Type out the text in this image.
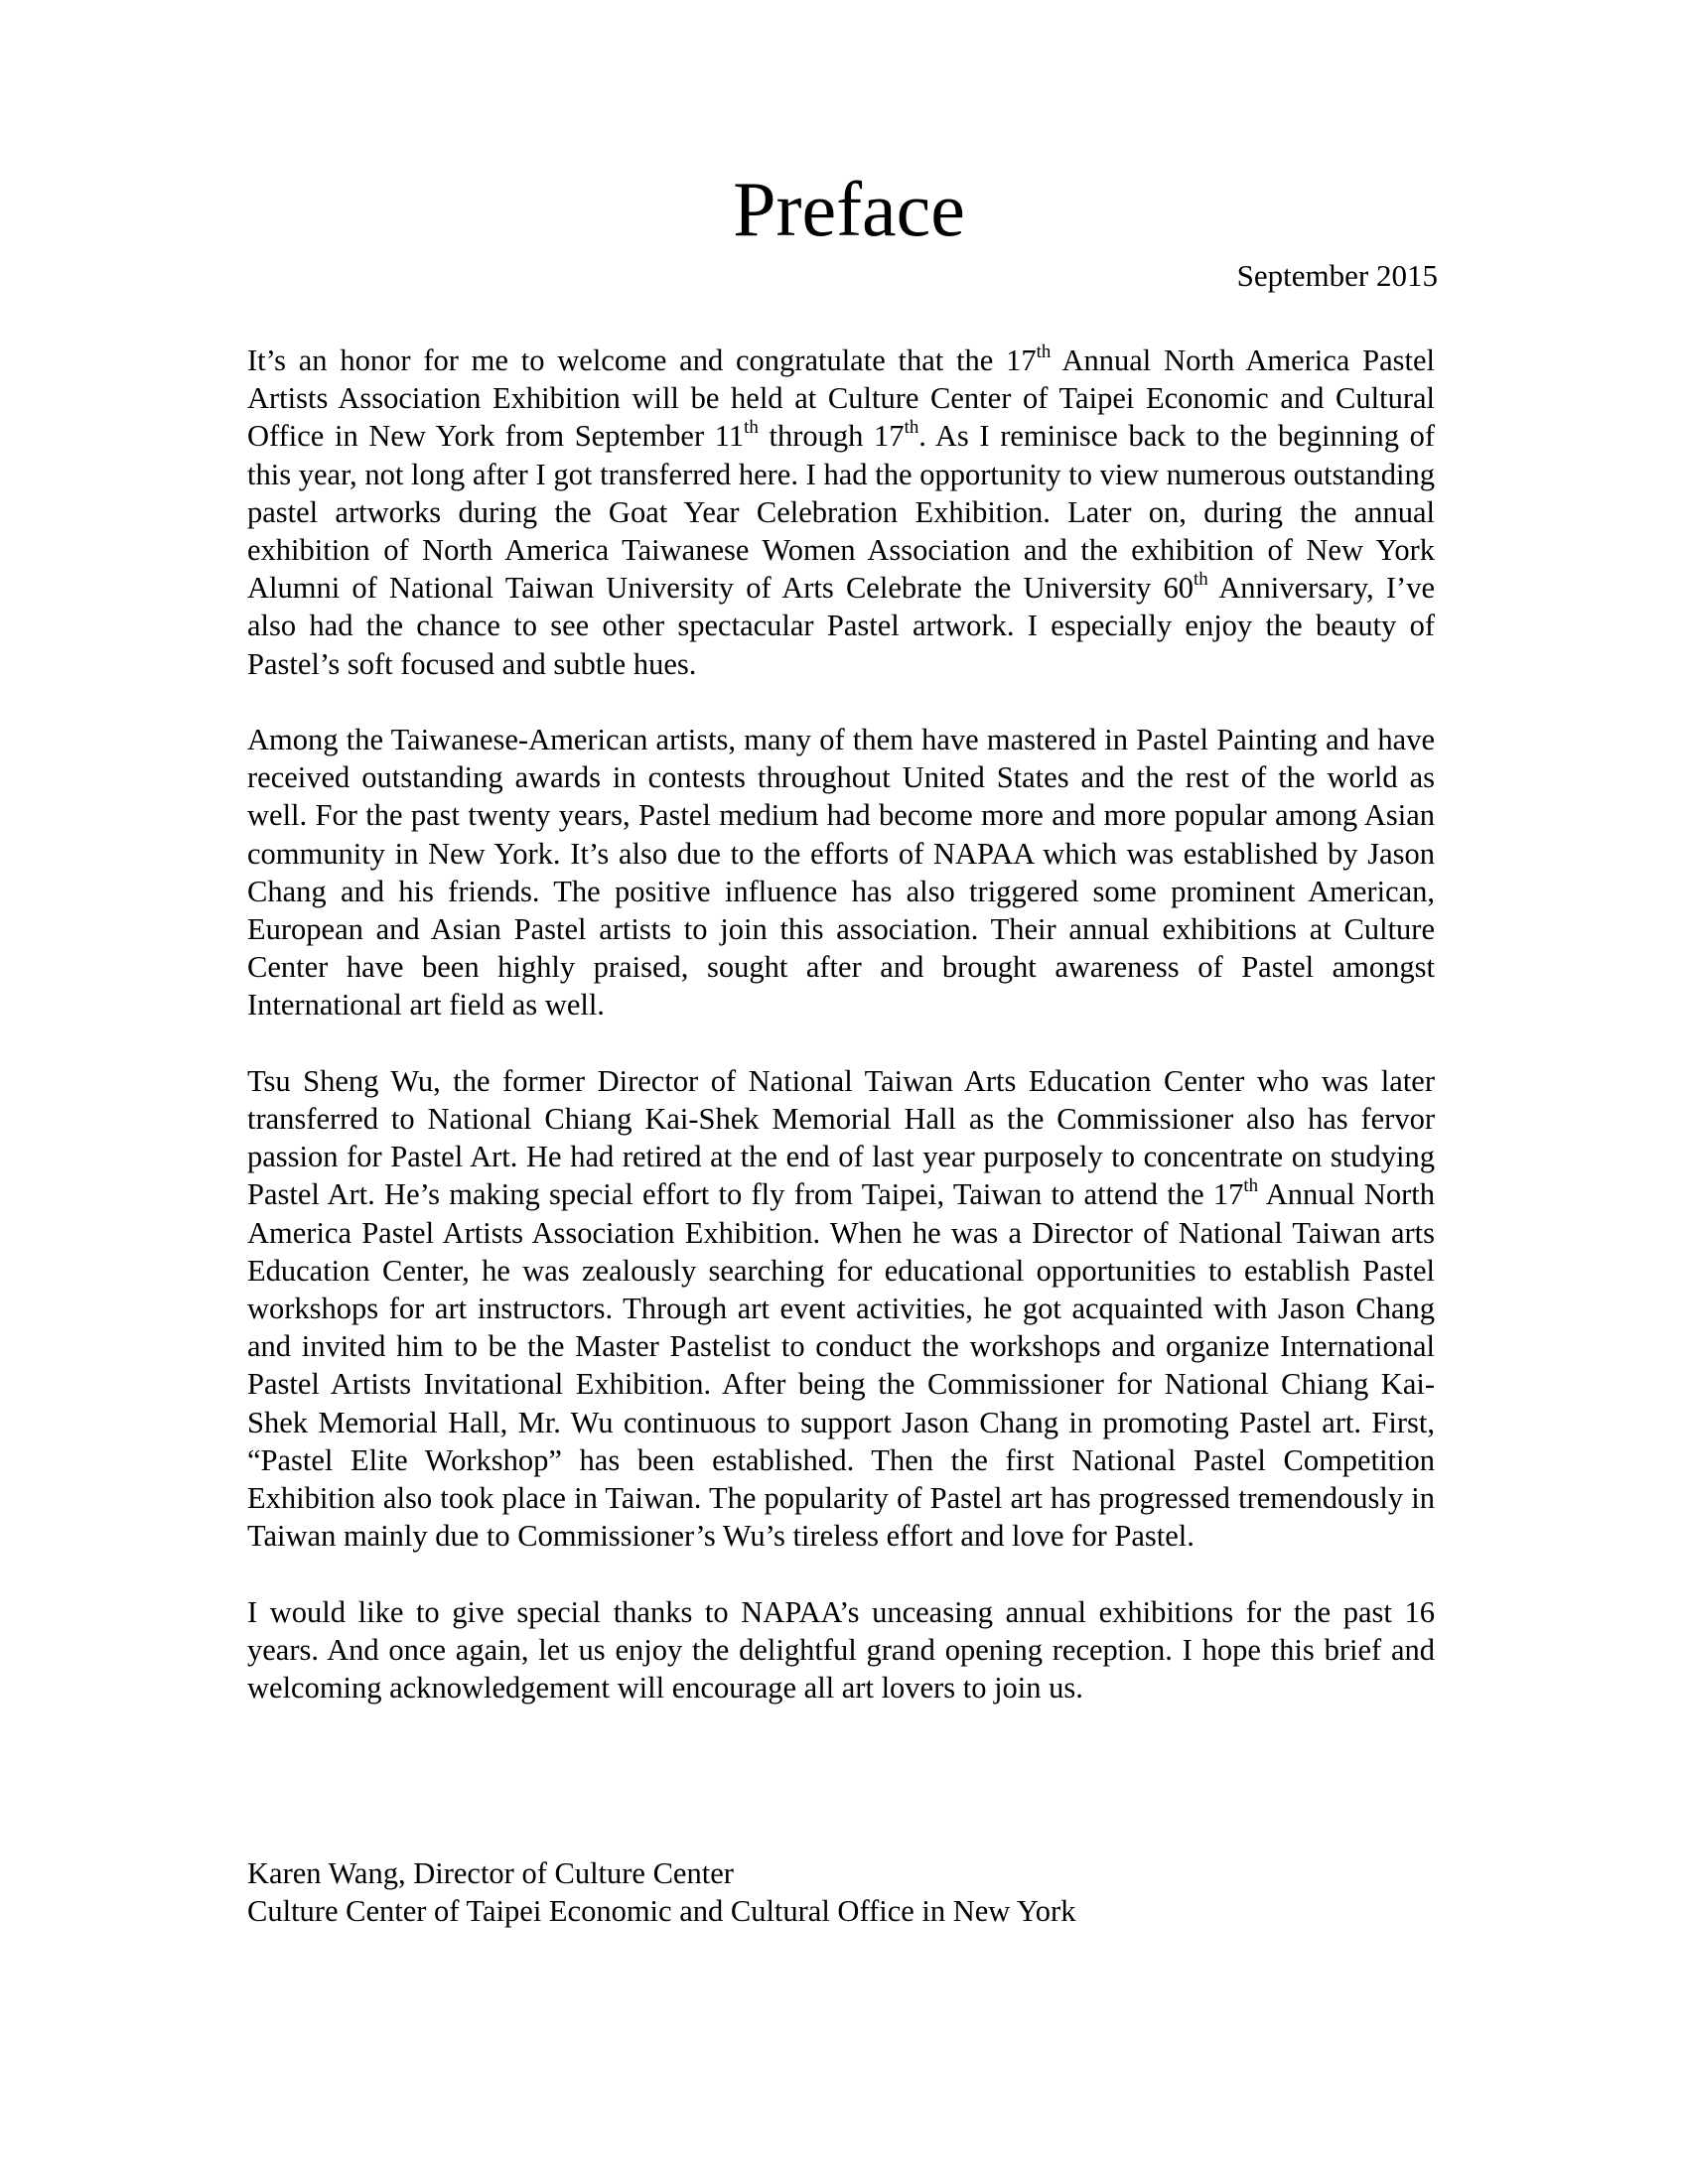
Preface
September 2015

It’s an honor for me to welcome and congratulate that the 17th Annual North America Pastel Artists Association Exhibition will be held at Culture Center of Taipei Economic and Cultural Office in New York from September 11th through 17th. As I reminisce back to the beginning of this year, not long after I got transferred here. I had the opportunity to view numerous outstanding pastel artworks during the Goat Year Celebration Exhibition. Later on, during the annual exhibition of North America Taiwanese Women Association and the exhibition of New York Alumni of National Taiwan University of Arts Celebrate the University 60th Anniversary, I’ve also had the chance to see other spectacular Pastel artwork. I especially enjoy the beauty of Pastel’s soft focused and subtle hues.

Among the Taiwanese-American artists, many of them have mastered in Pastel Painting and have received outstanding awards in contests throughout United States and the rest of the world as well. For the past twenty years, Pastel medium had become more and more popular among Asian community in New York. It’s also due to the efforts of NAPAA which was established by Jason Chang and his friends. The positive influence has also triggered some prominent American, European and Asian Pastel artists to join this association. Their annual exhibitions at Culture Center have been highly praised, sought after and brought awareness of Pastel amongst International art field as well.

Tsu Sheng Wu, the former Director of National Taiwan Arts Education Center who was later transferred to National Chiang Kai-Shek Memorial Hall as the Commissioner also has fervor passion for Pastel Art. He had retired at the end of last year purposely to concentrate on studying Pastel Art. He’s making special effort to fly from Taipei, Taiwan to attend the 17th Annual North America Pastel Artists Association Exhibition. When he was a Director of National Taiwan arts Education Center, he was zealously searching for educational opportunities to establish Pastel workshops for art instructors. Through art event activities, he got acquainted with Jason Chang and invited him to be the Master Pastelist to conduct the workshops and organize International Pastel Artists Invitational Exhibition. After being the Commissioner for National Chiang Kai-Shek Memorial Hall, Mr. Wu continuous to support Jason Chang in promoting Pastel art. First, “Pastel Elite Workshop” has been established. Then the first National Pastel Competition Exhibition also took place in Taiwan. The popularity of Pastel art has progressed tremendously in Taiwan mainly due to Commissioner’s Wu’s tireless effort and love for Pastel.

I would like to give special thanks to NAPAA’s unceasing annual exhibitions for the past 16 years. And once again, let us enjoy the delightful grand opening reception. I hope this brief and welcoming acknowledgement will encourage all art lovers to join us.

Karen Wang, Director of Culture Center
Culture Center of Taipei Economic and Cultural Office in New York
